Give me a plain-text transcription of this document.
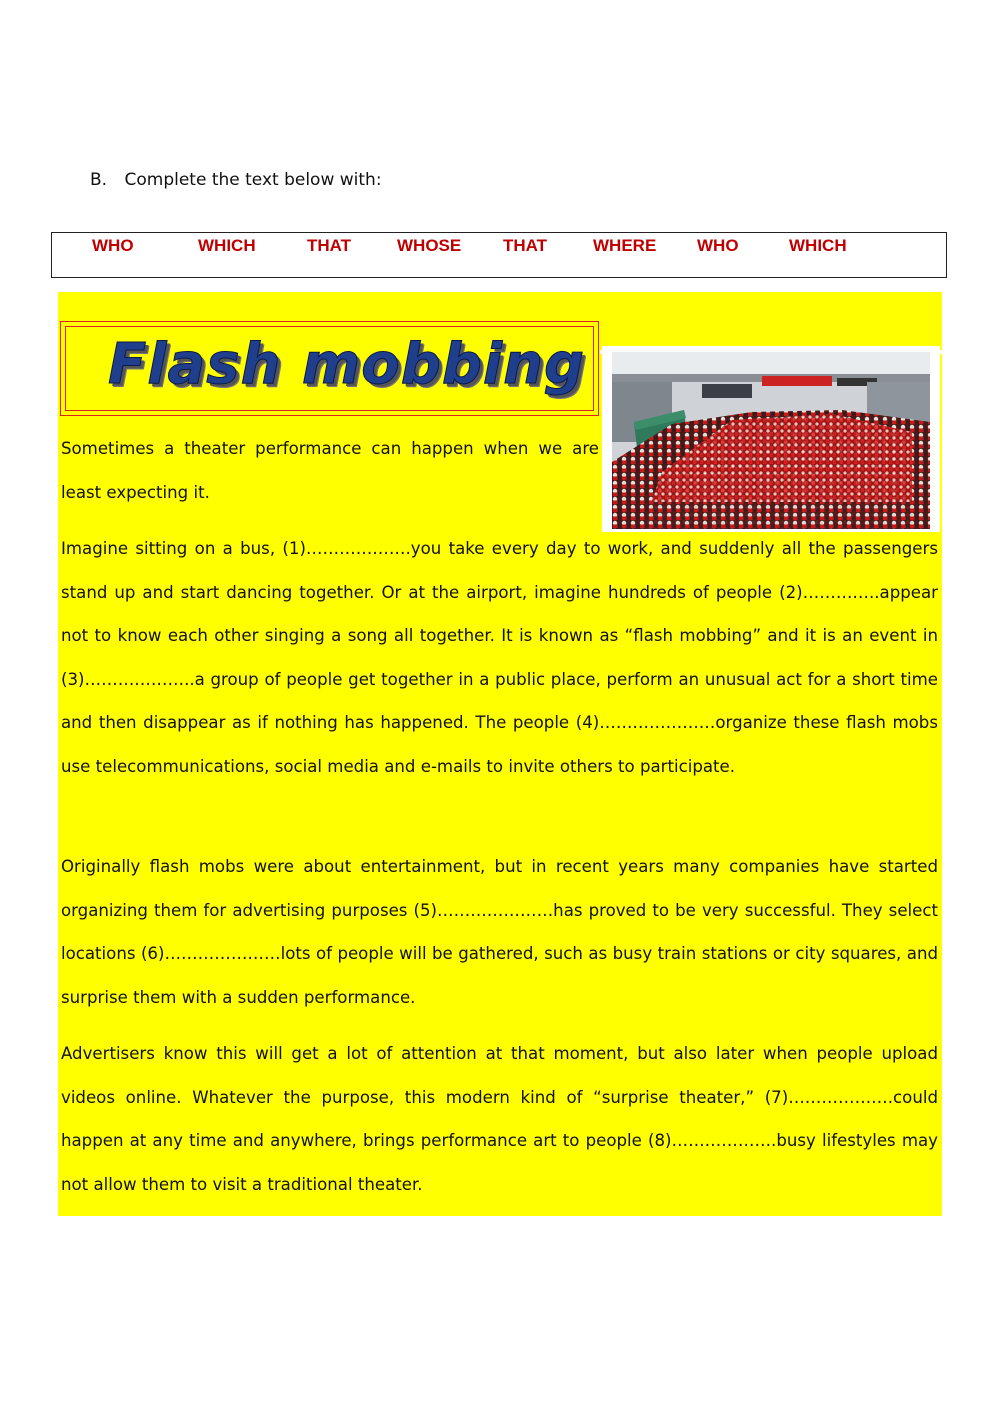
B. Complete the text below with:
WHO	WHICH	THAT	WHOSE THAT	WHERE WHO	WHICH
Flash mobbing

Sometimes a theater performance can happen when we are least expecting it.

Imagine sitting on a bus, (1)……………….you take every day to work, and suddenly all the passengers stand up and start dancing together. Or at the airport, imagine hundreds of people (2)…………..appear not to know each other singing a song all together. It is known as “flash mobbing” and it is an event in (3)………………..a group of people get together in a public place, perform an unusual act for a short time and then disappear as if nothing has happened. The people (4)…………………organize these flash mobs use telecommunications, social media and e-mails to invite others to participate.

Originally flash mobs were about entertainment, but in recent years many companies have started organizing them for advertising purposes (5)…………………has proved to be very successful. They select locations (6)…………………lots of people will be gathered, such as busy train stations or city squares, and surprise them with a sudden performance.

Advertisers know this will get a lot of attention at that moment, but also later when people upload videos online. Whatever the purpose, this modern kind of “surprise theater,” (7)……………….could happen at any time and anywhere, brings performance art to people (8)……………….busy lifestyles may not allow them to visit a traditional theater.
